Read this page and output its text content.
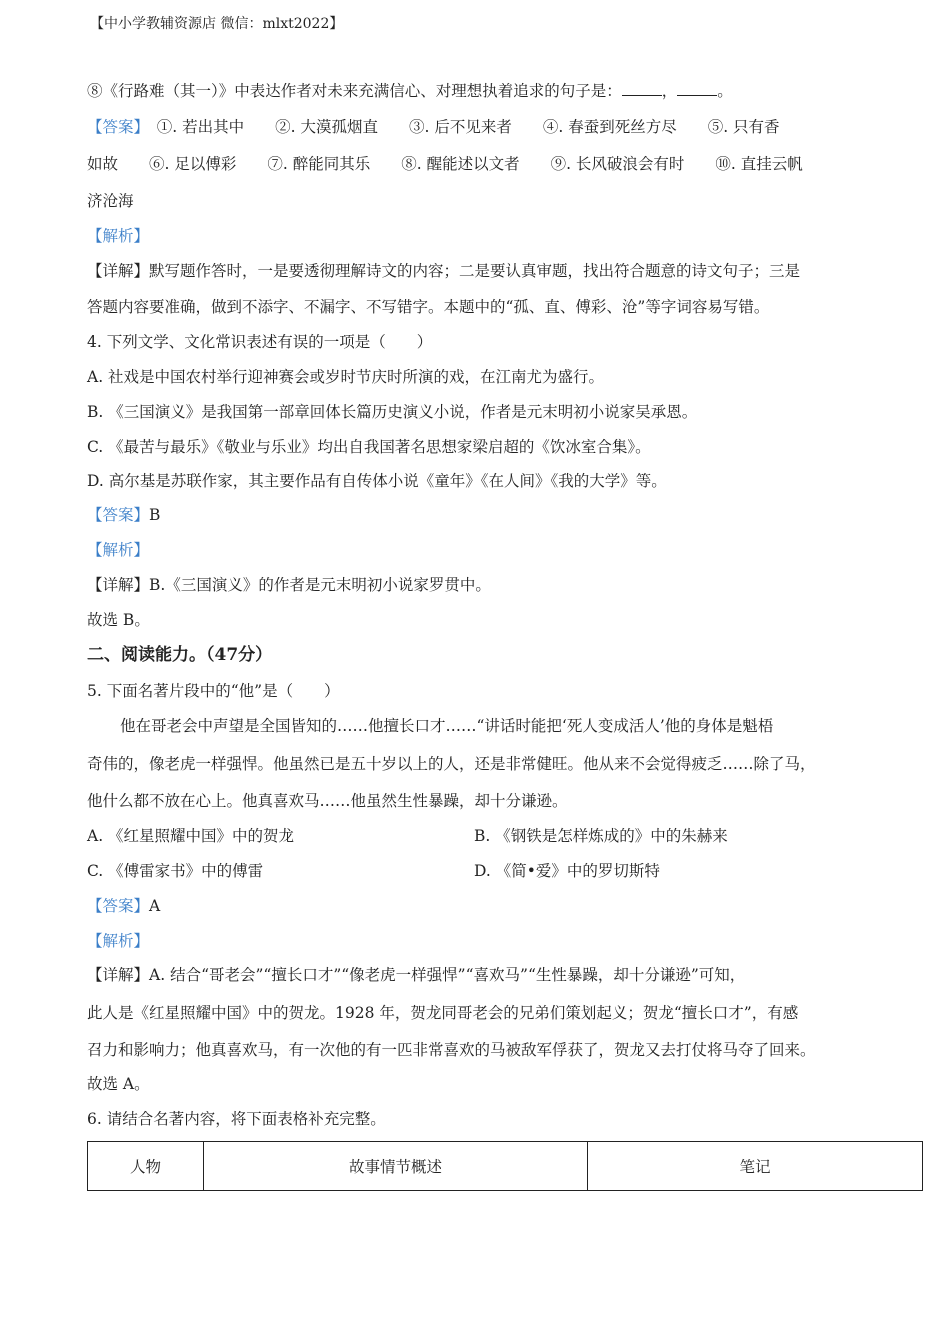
【中小学教辅资源店 微信：mlxt2022】
⑧《行路难（其一）》中表达作者对未来充满信心、对理想执着追求的句子是：	，	。
【答案】　 ①. 若出其中　　②. 大漠孤烟直　　③. 后不见来者　　④. 春蚕到死丝方尽　　⑤. 只有香
如故　　⑥. 足以傅彩　　⑦. 醉能同其乐　　⑧. 醒能述以文者　　⑨. 长风破浪会有时　　⑩. 直挂云帆
济沧海
【解析】
【详解】默写题作答时，一是要透彻理解诗文的内容；二是要认真审题，找出符合题意的诗文句子；三是
答题内容要准确，做到不添字、不漏字、不写错字。本题中的“孤、直、傅彩、沧”等字词容易写错。
4. 下列文学、文化常识表述有误的一项是（　　）
A. 社戏是中国农村举行迎神赛会或岁时节庆时所演的戏，在江南尤为盛行。
B. 《三国演义》是我国第一部章回体长篇历史演义小说，作者是元末明初小说家吴承恩。
C. 《最苦与最乐》《敬业与乐业》均出自我国著名思想家梁启超的《饮冰室合集》。
D. 高尔基是苏联作家，其主要作品有自传体小说《童年》《在人间》《我的大学》等。
【答案】B
【解析】
【详解】B.《三国演义》的作者是元末明初小说家罗贯中。
故选 B。
二、阅读能力。（47分）
5. 下面名著片段中的“他”是（　　）
他在哥老会中声望是全国皆知的……他擅长口才……“讲话时能把‘死人变成活人’他的身体是魁梧
奇伟的，像老虎一样强悍。他虽然已是五十岁以上的人，还是非常健旺。他从来不会觉得疲乏……除了马，
他什么都不放在心上。他真喜欢马……他虽然生性暴躁，却十分谦逊。
A. 《红星照耀中国》中的贺龙	B. 《钢铁是怎样炼成的》中的朱赫来
C. 《傅雷家书》中的傅雷	D. 《简•爱》中的罗切斯特
【答案】A
【解析】
【详解】A. 结合“哥老会”“擅长口才”“像老虎一样强悍”“喜欢马”“生性暴躁，却十分谦逊”可知，
此人是《红星照耀中国》中的贺龙。1928 年，贺龙同哥老会的兄弟们策划起义；贺龙“擅长口才”，有感
召力和影响力；他真喜欢马，有一次他的有一匹非常喜欢的马被敌军俘获了，贺龙又去打仗将马夺了回来。
故选 A。
6. 请结合名著内容，将下面表格补充完整。
人物	故事情节概述	笔记
